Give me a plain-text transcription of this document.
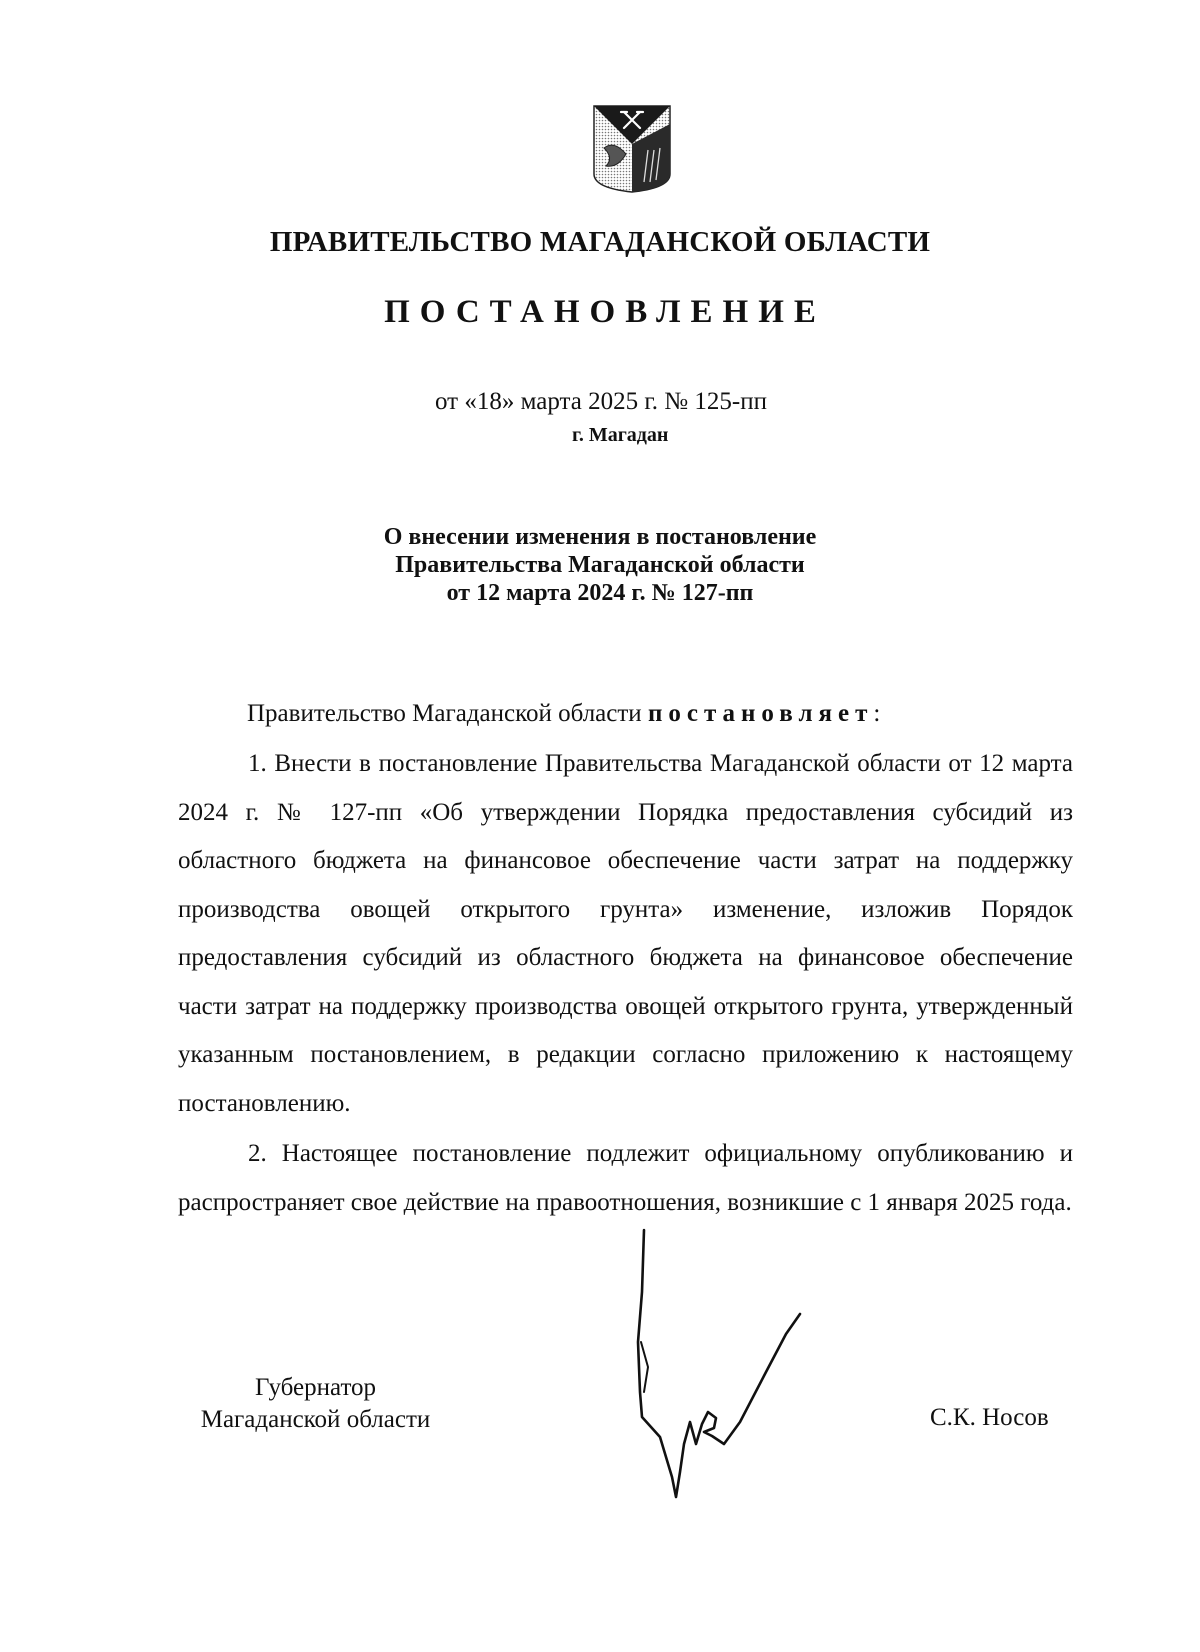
ПРАВИТЕЛЬСТВО МАГАДАНСКОЙ ОБЛАСТИ
ПОСТАНОВЛЕНИЕ
от «18» марта 2025 г. № 125-пп
г. Магадан
О внесении изменения в постановление
Правительства Магаданской области
от 12 марта 2024 г. № 127-пп
Правительство Магаданской области постановляет:
1. Внести в постановление Правительства Магаданской области от 12 марта 2024 г. № 127-пп «Об утверждении Порядка предоставления субсидий из областного бюджета на финансовое обеспечение части затрат на поддержку производства овощей открытого грунта» изменение, изложив Порядок предоставления субсидий из областного бюджета на финансовое обеспечение части затрат на поддержку производства овощей открытого грунта, утвержденный указанным постановлением, в редакции согласно приложению к настоящему постановлению.
2. Настоящее постановление подлежит официальному опубликованию и распространяет свое действие на правоотношения, возникшие с 1 января 2025 года.
Губернатор
Магаданской области	С.К. Носов
